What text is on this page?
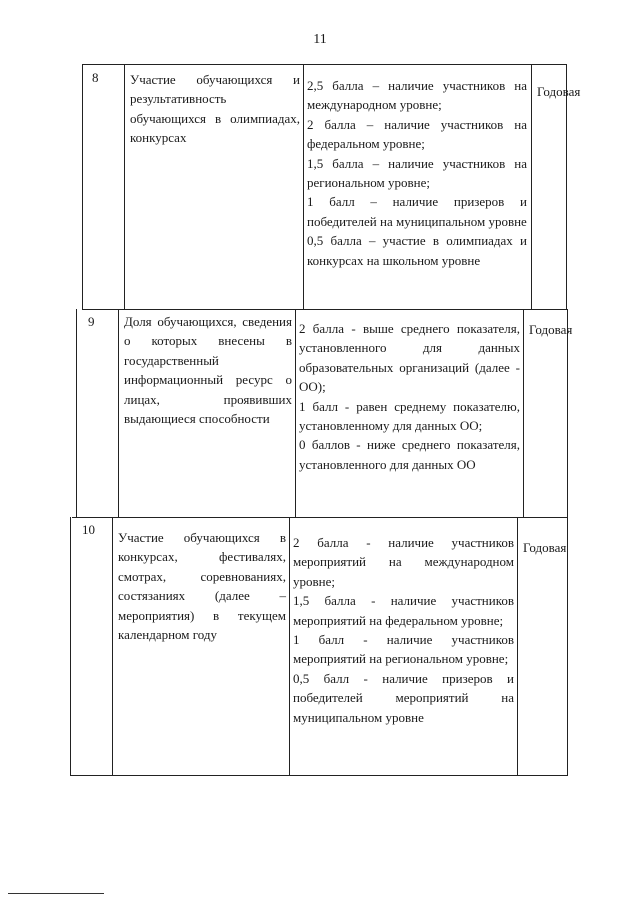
11
8 Участие обучающихся и результативность обучающихся в олимпиадах, конкурсах

2,5 балла – наличие участников на международном уровне;

2 балла – наличие участников на федеральном уровне;

1,5 балла – наличие участников на региональном уровне;

1 балл – наличие призеров и победителей на муниципальном уровне

0,5 балла – участие в олимпиадах и конкурсах на школьном уровне

Годовая
9 Доля обучающихся, сведения о которых внесены в государственный информационный ресурс о лицах, проявивших выдающиеся способности

2 балла - выше среднего показателя, установленного для данных образовательных организаций (далее - ОО);

1 балл - равен среднему показателю, установленному для данных ОО;

0 баллов - ниже среднего показателя, установленного для данных ОО

Годовая
10

Участие обучающихся в конкурсах, фестивалях, смотрах, соревнованиях, состязаниях (далее – мероприятия) в текущем календарном году

2 балла - наличие участников мероприятий на международном уровне;

1,5 балла - наличие участников мероприятий на федеральном уровне;

1 балл - наличие участников мероприятий на региональном уровне;

0,5 балл - наличие призеров и победителей мероприятий на муниципальном уровне

Годовая
